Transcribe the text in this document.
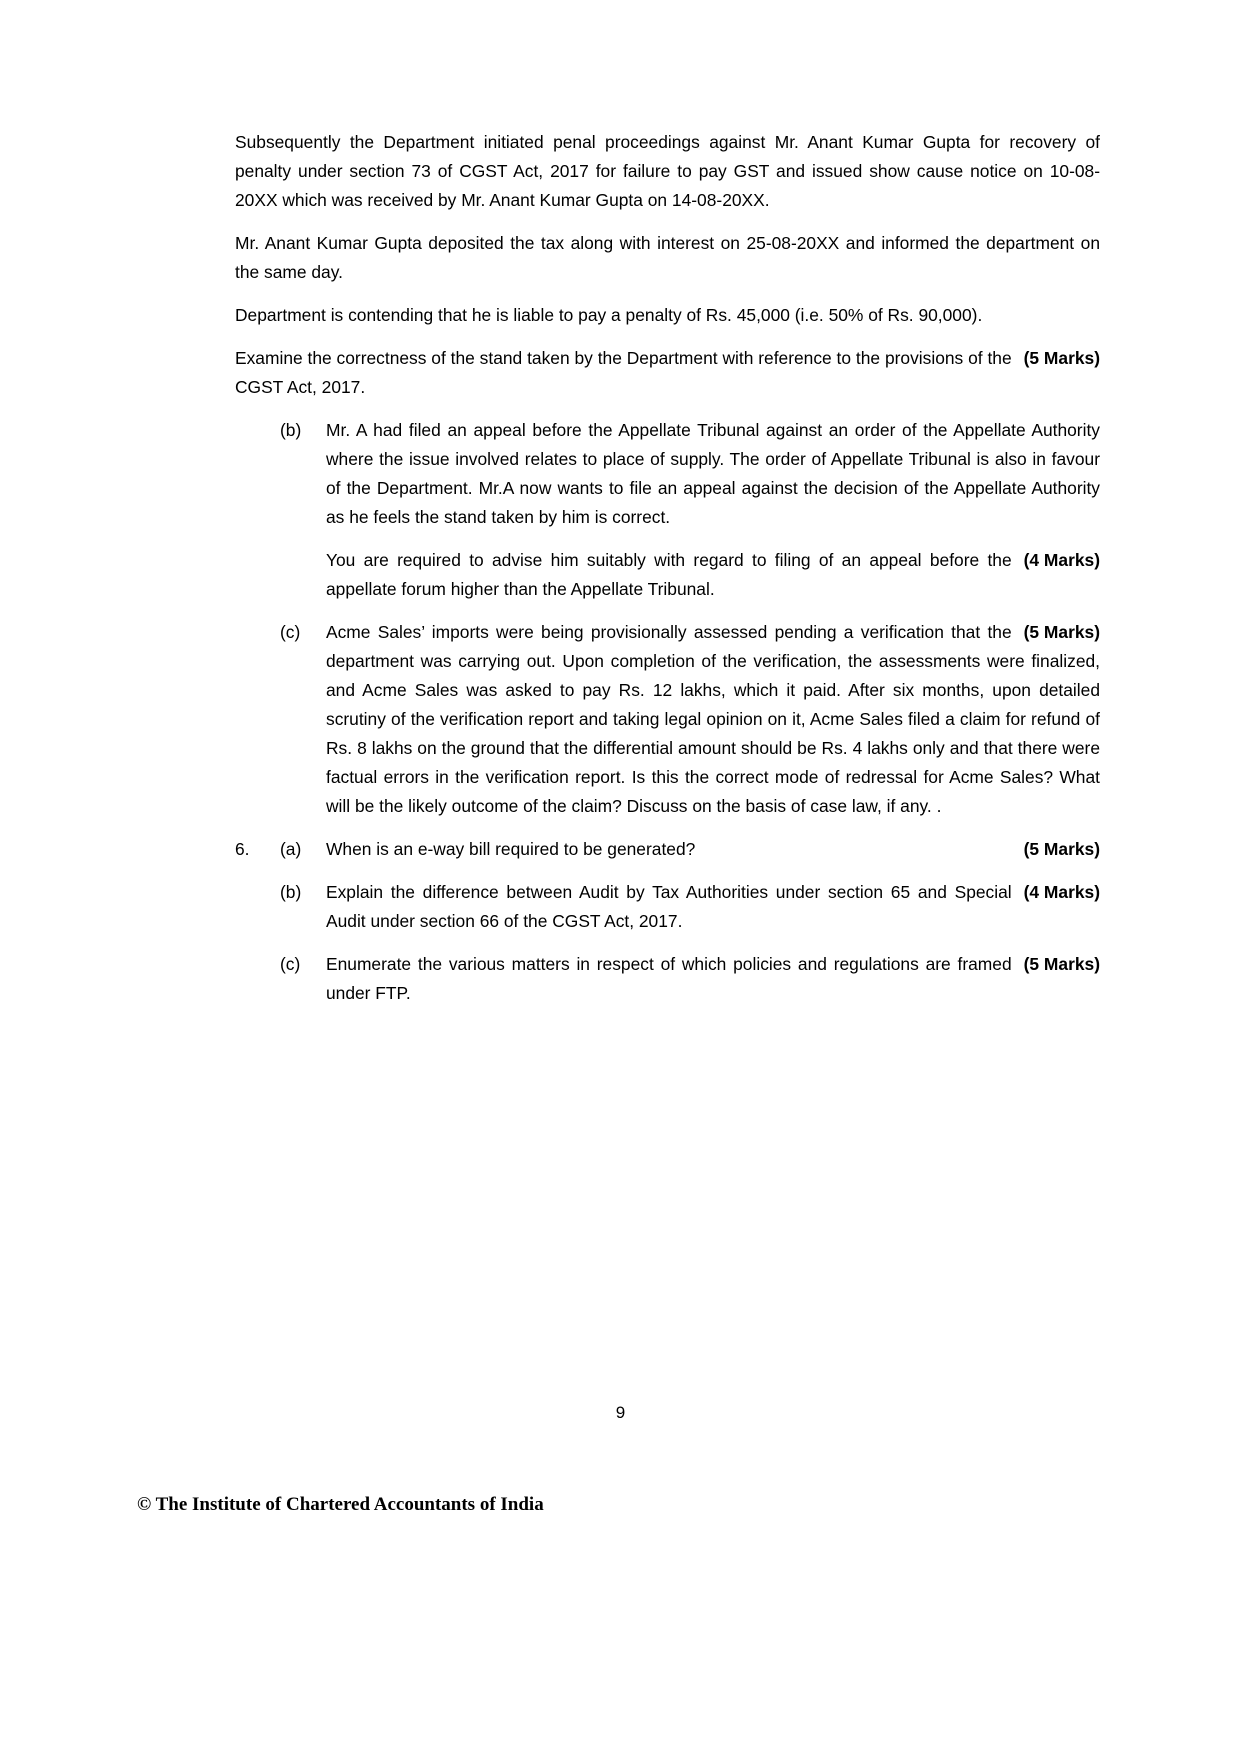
Subsequently the Department initiated penal proceedings against Mr. Anant Kumar Gupta for recovery of penalty under section 73 of CGST Act, 2017 for failure to pay GST and issued show cause notice on 10-08-20XX which was received by Mr. Anant Kumar Gupta on 14-08-20XX.

Mr. Anant Kumar Gupta deposited the tax along with interest on 25-08-20XX and informed the department on the same day.

Department is contending that he is liable to pay a penalty of Rs. 45,000 (i.e. 50% of Rs. 90,000).

(5 Marks)
Examine the correctness of the stand taken by the Department with reference to the provisions of the CGST Act, 2017.

(b)	Mr. A had filed an appeal before the Appellate Tribunal against an order of the Appellate Authority where the issue involved relates to place of supply. The order of Appellate Tribunal is also in favour of the Department. Mr.A now wants to file an appeal against the decision of the Appellate Authority as he feels the stand taken by him is correct.
(4 Marks)
You are required to advise him suitably with regard to filing of an appeal before the appellate forum higher than the Appellate Tribunal.
(c)	(5 Marks)
Acme Sales’ imports were being provisionally assessed pending a verification that the department was carrying out. Upon completion of the verification, the assessments were finalized, and Acme Sales was asked to pay Rs. 12 lakhs, which it paid. After six months, upon detailed scrutiny of the verification report and taking legal opinion on it, Acme Sales filed a claim for refund of Rs. 8 lakhs on the ground that the differential amount should be Rs. 4 lakhs only and that there were factual errors in the verification report. Is this the correct mode of redressal for Acme Sales? What will be the likely outcome of the claim? Discuss on the basis of case law, if any. .
6.	(a)	(5 Marks)
When is an e-way bill required to be generated?
(b)	(4 Marks)
Explain the difference between Audit by Tax Authorities under section 65 and Special Audit under section 66 of the CGST Act, 2017.
(c)	(5 Marks)
Enumerate the various matters in respect of which policies and regulations are framed under FTP.
9
© The Institute of Chartered Accountants of India
